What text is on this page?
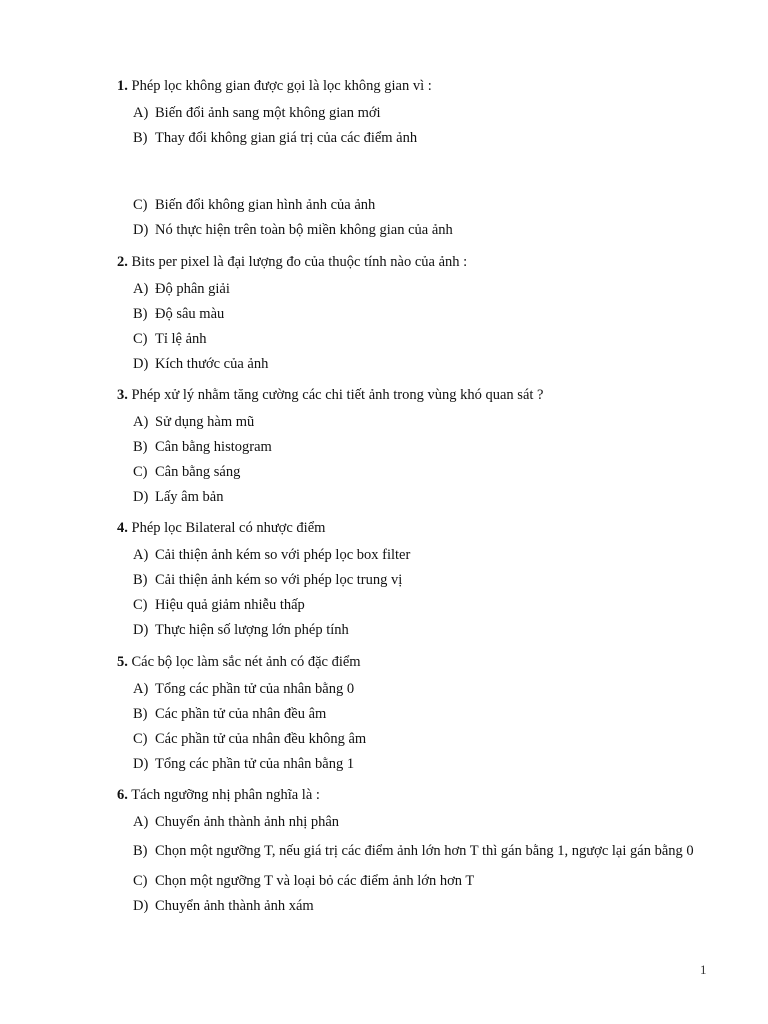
1. Phép lọc không gian được gọi là lọc không gian vì :
A) Biến đổi ảnh sang một không gian mới
B) Thay đổi không gian giá trị của các điểm ảnh
C) Biến đổi không gian hình ảnh của ảnh
D) Nó thực hiện trên toàn bộ miền không gian của ảnh
2. Bits per pixel là đại lượng đo của thuộc tính nào của ảnh :
A) Độ phân giải
B) Độ sâu màu
C) Tỉ lệ ảnh
D) Kích thước của ảnh
3. Phép xử lý nhằm tăng cường các chi tiết ảnh trong vùng khó quan sát ?
A) Sử dụng hàm mũ
B) Cân bằng histogram
C) Cân bằng sáng
D) Lấy âm bản
4. Phép lọc Bilateral có nhược điểm
A) Cải thiện ảnh kém so với phép lọc box filter
B) Cải thiện ảnh kém so với phép lọc trung vị
C) Hiệu quả giảm nhiễu thấp
D) Thực hiện số lượng lớn phép tính
5. Các bộ lọc làm sắc nét ảnh có đặc điểm
A) Tổng các phần tử của nhân bằng 0
B) Các phần tử của nhân đều âm
C) Các phần tử của nhân đều không âm
D) Tổng các phần tử của nhân bằng 1
6. Tách ngưỡng nhị phân nghĩa là :
A) Chuyển ảnh thành ảnh nhị phân
B) Chọn một ngưỡng T, nếu giá trị các điểm ảnh lớn hơn T thì gán bằng 1, ngược lại gán bằng 0
C) Chọn một ngưỡng T và loại bỏ các điểm ảnh lớn hơn T
D) Chuyển ảnh thành ảnh xám
1
